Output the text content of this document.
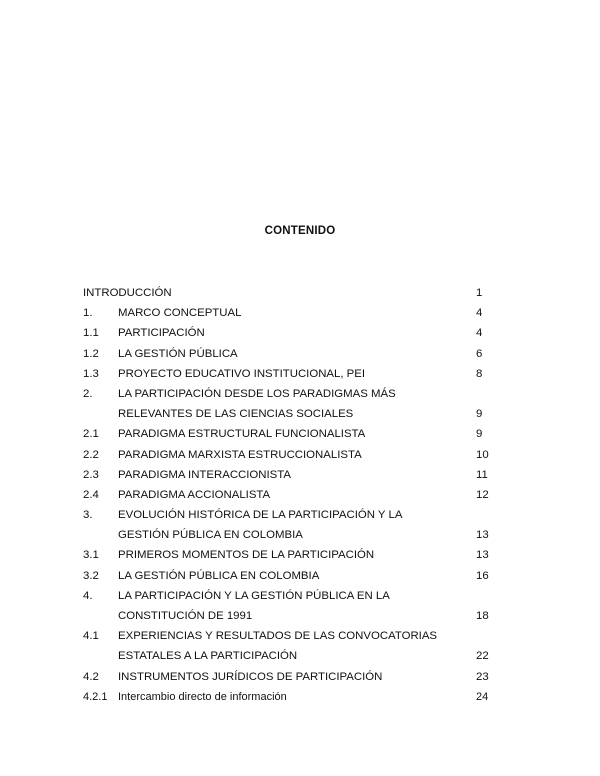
CONTENIDO
INTRODUCCIÓN	1
1. MARCO CONCEPTUAL	4
1.1 PARTICIPACIÓN	4
1.2 LA GESTIÓN PÚBLICA	6
1.3 PROYECTO EDUCATIVO INSTITUCIONAL, PEI	8
2. LA PARTICIPACIÓN DESDE LOS PARADIGMAS MÁS
RELEVANTES DE LAS CIENCIAS SOCIALES	9
2.1 PARADIGMA ESTRUCTURAL FUNCIONALISTA	9
2.2 PARADIGMA MARXISTA ESTRUCCIONALISTA	10
2.3 PARADIGMA INTERACCIONISTA	11
2.4 PARADIGMA ACCIONALISTA	12
3. EVOLUCIÓN HISTÓRICA DE LA PARTICIPACIÓN Y LA
GESTIÓN PÚBLICA EN COLOMBIA	13
3.1 PRIMEROS MOMENTOS DE LA PARTICIPACIÓN	13
3.2 LA GESTIÓN PÚBLICA EN COLOMBIA	16
4. LA PARTICIPACIÓN Y LA GESTIÓN PÚBLICA EN LA
CONSTITUCIÓN DE 1991	18
4.1 EXPERIENCIAS Y RESULTADOS DE LAS CONVOCATORIAS
ESTATALES A LA PARTICIPACIÓN	22
4.2 INSTRUMENTOS JURÍDICOS DE PARTICIPACIÓN	23
4.2.1 Intercambio directo de información	24
